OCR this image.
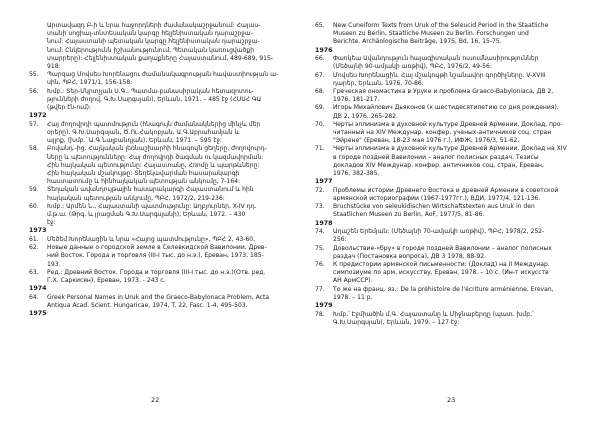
Արտավազդ Բ-ի և նրա հաջորդների ժամանակաշրջանում: Հայաս-

տանի սոցիալ-տնտեսական կարգը հելլենիստական դարաշրջա-

նում: Հայաստանի պետական կարգը հելլենիստական դարաշրջա-

նում: Ընկերությունն իշխանությունում: Պետական կառուցվածքի

տարրերը): Հելլենիստական քաղաքները Հայաստանում, 489-689, 915-

918:

55. Պարզաց Մովսես Խորենացու ժամանակագրության հավաստիության ա-

սին, ՊԲՀ, 1971/1, 156-158:

56. Խմբ.: Տեր-Մկրտչյան Ս.Գ., Պատմա-բանասիրական հետազոտու-

թյունների ժողով, Գ.Խ.Սարգսյան), Երևան, 1971. – 485 էջ (ՀՍՍՀ ԳԱ

(թվեր էն-ում):

1972

57. Հայ ժողովրդի պատմություն (հնագույն ժամանակներից մինչև մեր

օրերը), Գ.Խ.Սարգսյան, Ծ.Ու.Հակոբյան, Ա.Գ.Աբրահամյան և

այլոք, (խմբ.՝ Ա.Գ.Նալբանդյան), Երևան, 1971. – 595 էջ:

58. Բովանդ.-ից. Հայկական լեռնաշխարհի հնագույն ցեղերը, ժողովուրդ-

ները և պետությունները: Հայ ժողովրդի ծագման ու կազմավորման:

Հին հայկական պետությունը: Հայաստանը, Հռոմը և պարթևները:

Հին հայկական մշակույթը: Տեղեկավարման հասարակարգի

հաստատումը և հինհայկական պետության անկումը, 7-164:

59. Տեղական ավանդույթային հասարակարգի Հայաստանում և հին

հայկական պետության անկումը, ՊԲՀ, 1972/2, 219-236:

60. Խմբ.: Արմեն Ն., Հայաստանի պատմությունը: Աղբյուրներ, X-IV դդ.

մ.թ.ա. (Թրգ. և լրացման Գ.Խ.Սարգսյանի), Երևան, 1972. – 430

էջ:

1973

61. Մեծեմ Խորենացին և նրա «Հայոց պատմությունը», ՊԲՀ 2, 43-60.

62. Новые данные о городской земле в Селевкидской Вавилонии, Древ-

ний Восток. Города и торговля (III-I тыс. до н.э.), Ереван, 1973, 185-

193.

63. Ред.: Древний Восток. Города и торговля (III-I тыс. до н.э.)(Отв. ред.

Г.Х. Саркисян), Ереван, 1973. - 243 с.

1974

64. Greek Personal Names in Uruk and the Graeco-Babylonaca Problem, Acta

Antiqua Acad. Scient. Hungaricae, 1974, T. 22, Fasc. 1-4, 495-503.

1975

65. New Cuneiform Texts from Uruk of the Seleucid Period in the Staatliche

Museen zu Berlin, Staatliche Museen zu Berlin. Forschungen und

Berichte. Archäologische Beiträge, 1975, Bd. 16, 15-75.

1976

66. Փաոկեա Ավանդություն հայագիտական ուսումնասիրություններ

(Մեծայնի 90-ամյակի առթիվ), ՊԲՀ, 1976/2, 49-56:

67. Մովսես Խորենացին, Հայ մշակույթի նշանավոր գործիչները. V-XVIII

դարեր, Երևան, 1976, 70-86:

68. Греческая ономастика в Уруке и проблема Graeco-Babyloniaca, ДВ 2,

1976, 181-217.

69. Игорь Михайлович Дьяконов (к шестидесятилетию со дня рождения),

ДВ 2, 1976, 265-282.

70. Черты эллинизма в духовной культуре Древней Армении, Доклад, про-

читанный на XIV Междунар. конфер. ученых-античников соц. стран

"Эйрене" (Ереван, 18-23 мая 1976 г.), ИФЖ, 1976/3, 51-62.

71. Черты эллинизма в духовной культуре Древней Армении. Доклад на XIV

в городе поздней Вавилонии – аналог полисных раздач. Тезисы

докладов XIV Междунар. конфер. античников соц. стран, Ереван,

1976, 382-385.

1977

72. Проблемы истории Древнего Востока и древней Армении в советской

армянской историографии (1967-1977гг.), ВДИ, 1977/4, 121-136.

73. Bruchstücke von seleukidischen Wirtschaftstexten aus Uruk in den

Staatlichen Museen zu Berlin, AoF, 1977/5, 81-86.

1978

74. Աղաշեն Երեմյան: (Մեծայնի 70-ամյակի առթիվ), ՊԲՀ, 1978/2, 252-

256:

75. Довольствие-«бру» в городе поздней Вавилонии – аналог полисных

раздач (Постановка вопроса), ДВ 3 1978, 88-92.

76. К предистории армянской письменности: (Доклад) на II Междунар.

симпозиуме по арм. искусству, Ереван, 1978. – 10 с. (Ин-т искусств

АН АрмССР).

77. То же на франц. яз.: De la préhistoire de l'écriture arménienne, Erevan,

1978. – 11 р.

1979

78. Խմբ.՝ Էջմիածին մ.Գ. Հայաստանը և Միջնաբերդը (պատ. խմբ.՝

Գ.Խ.Սարգսյան), Երևան, 1979. – 127 էջ:

22	23
